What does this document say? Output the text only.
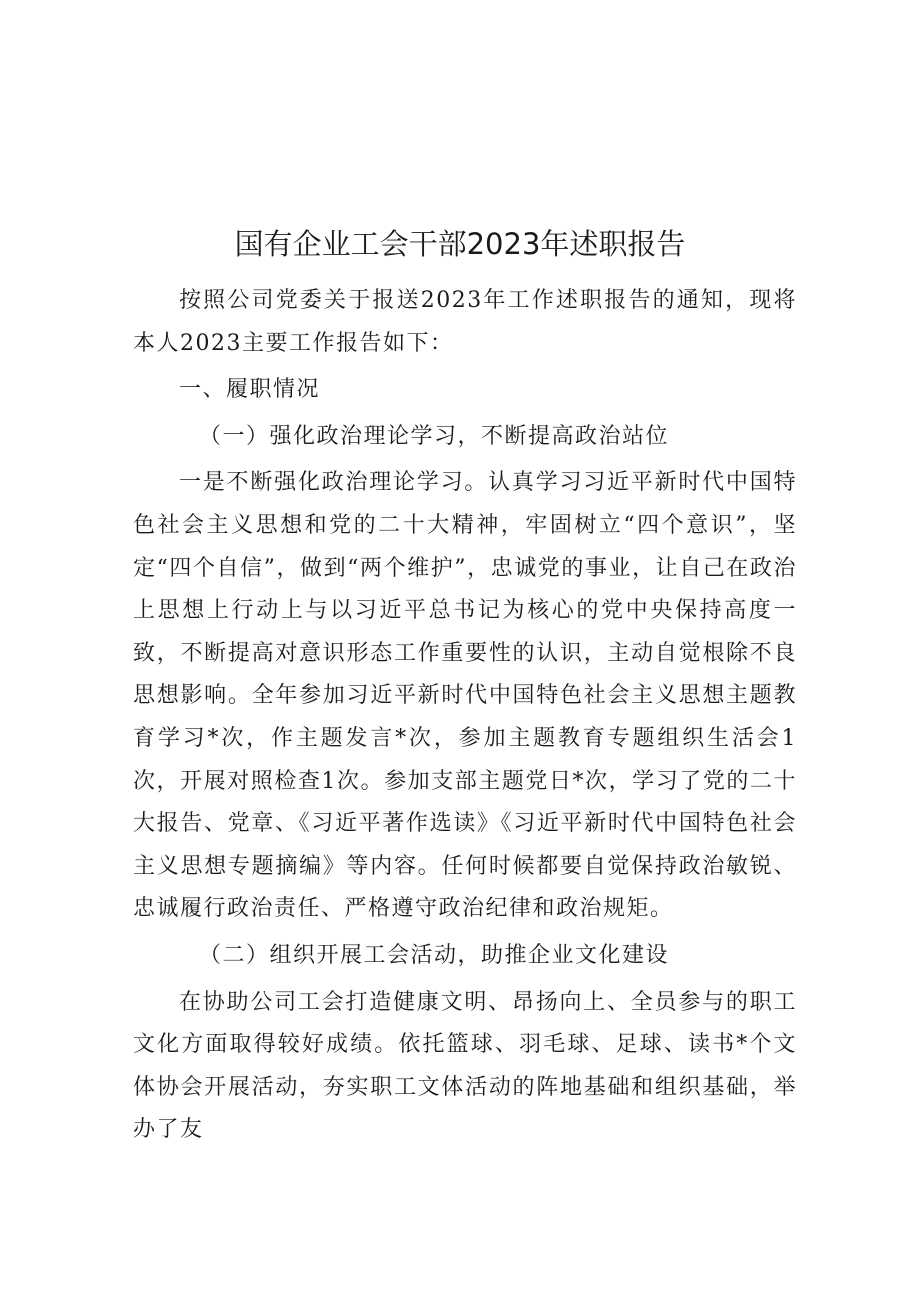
国有企业工会干部2023年述职报告

按照公司党委关于报送2023年工作述职报告的通知，现将本人2023主要工作报告如下：

一、履职情况

（一）强化政治理论学习，不断提高政治站位

一是不断强化政治理论学习。认真学习习近平新时代中国特色社会主义思想和党的二十大精神，牢固树立“四个意识”，坚定“四个自信”，做到“两个维护”，忠诚党的事业，让自己在政治上思想上行动上与以习近平总书记为核心的党中央保持高度一致，不断提高对意识形态工作重要性的认识，主动自觉根除不良思想影响。全年参加习近平新时代中国特色社会主义思想主题教育学习*次，作主题发言*次，参加主题教育专题组织生活会1次，开展对照检查1次。参加支部主题党日*次，学习了党的二十大报告、党章、《习近平著作选读》《习近平新时代中国特色社会主义思想专题摘编》等内容。任何时候都要自觉保持政治敏锐、忠诚履行政治责任、严格遵守政治纪律和政治规矩。

（二）组织开展工会活动，助推企业文化建设

在协助公司工会打造健康文明、昂扬向上、全员参与的职工文化方面取得较好成绩。依托篮球、羽毛球、足球、读书*个文体协会开展活动，夯实职工文体活动的阵地基础和组织基础，举办了友
